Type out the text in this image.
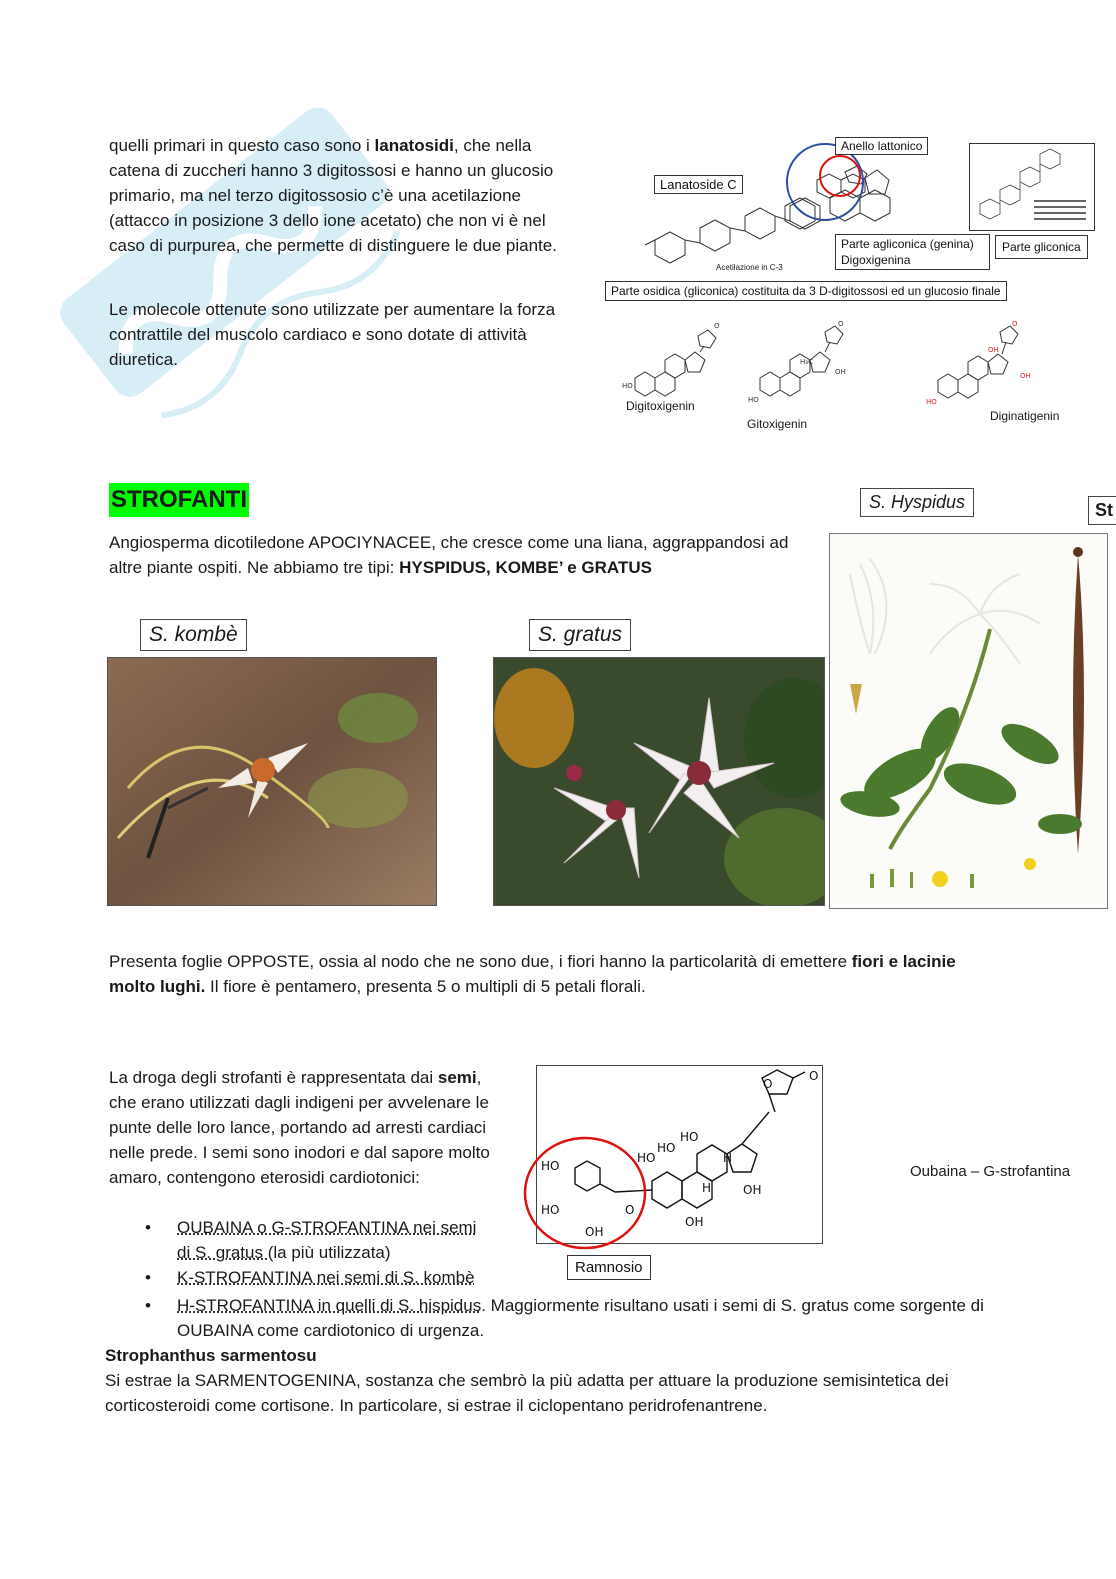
quelli primari in questo caso sono i lanatosidi, che nella catena di zuccheri hanno 3 digitossosi e hanno un glucosio primario, ma nel terzo digitossosio c’è una acetilazione (attacco in posizione 3 dello ione acetato) che non vi è nel caso di purpurea, che permette di distinguere le due piante.
Le molecole ottenute sono utilizzate per aumentare la forza contrattile del muscolo cardiaco e sono dotate di attività diuretica.
Anello lattonico
Lanatoside C
Parte agliconica (genina)
Digoxigenina
Parte gliconica
Acetilazione in C-3
Parte osidica (gliconica) costituita da 3 D-digitossosi ed un glucosio finale
O
OH
OH
HO
HO
O
HO
O
OH
H₃C
Digitoxigenin
Gitoxigenin
Diginatigenin
STROFANTI
Angiosperma dicotiledone APOCIYNACEE, che cresce come una liana, aggrappandosi ad altre piante ospiti. Ne abbiamo tre tipi: HYSPIDUS, KOMBE’ e GRATUS
S. Hyspidus	St
S. kombè	S. gratus
Presenta foglie OPPOSTE, ossia al nodo che ne sono due, i fiori hanno la particolarità di emettere fiori e lacinie molto lughi. Il fiore è pentamero, presenta 5 o multipli di 5 petali florali.
La droga degli strofanti è rappresentata dai semi, che erano utilizzati dagli indigeni per avvelenare le punte delle loro lance, portando ad arresti cardiaci nelle prede. I semi sono inodori e dal sapore molto amaro, contengono eterosidi cardiotonici:
• OUBAINA o G-STROFANTINA nei semi di S. gratus (la più utilizzata)
• K-STROFANTINA nei semi di S. kombè
• H-STROFANTINA in quelli di S. hispidus. Maggiormente risultano usati i semi di S. gratus come sorgente di OUBAINA come cardiotonico di urgenza.
O
O
HO
HO
HO	H
H	OH
OH
HO
HO
OH
O
Ramnosio
Oubaina – G-strofantina
Strophanthus sarmentosu
Si estrae la SARMENTOGENINA, sostanza che sembrò la più adatta per attuare la produzione semisintetica dei corticosteroidi come cortisone. In particolare, si estrae il ciclopentano peridrofenantrene.
